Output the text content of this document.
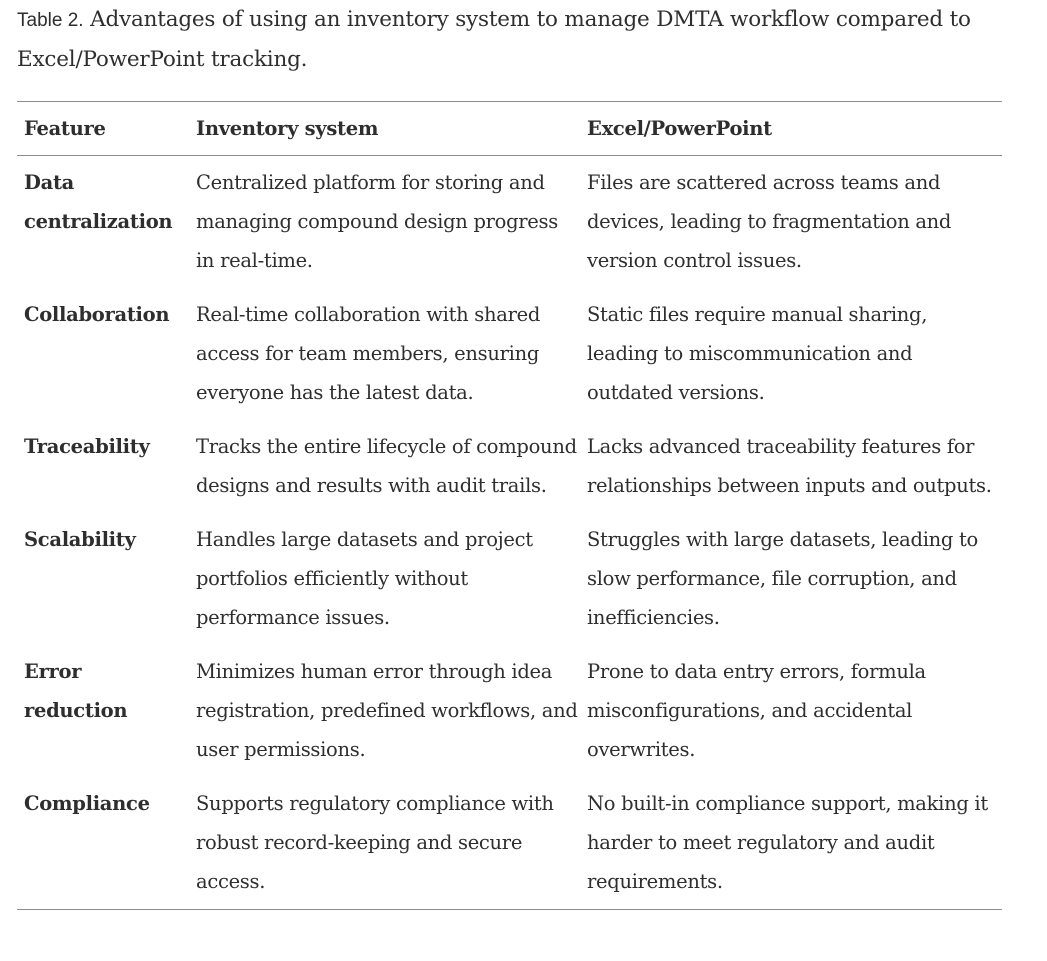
Table 2. Advantages of using an inventory system to manage DMTA workflow compared to Excel/PowerPoint tracking.
Feature	Inventory system	Excel/PowerPoint
Data centralization	Centralized platform for storing and managing compound design progress in real-time.	Files are scattered across teams and devices, leading to fragmentation and version control issues.
Collaboration	Real-time collaboration with shared access for team members, ensuring everyone has the latest data.	Static files require manual sharing, leading to miscommunication and outdated versions.
Traceability	Tracks the entire lifecycle of compound designs and results with audit trails.	Lacks advanced traceability features for relationships between inputs and outputs.
Scalability	Handles large datasets and project portfolios efficiently without performance issues.	Struggles with large datasets, leading to slow performance, file corruption, and inefficiencies.
Error reduction	Minimizes human error through idea registration, predefined workflows, and user permissions.	Prone to data entry errors, formula misconfigurations, and accidental overwrites.
Compliance	Supports regulatory compliance with robust record-keeping and secure access.	No built-in compliance support, making it harder to meet regulatory and audit requirements.
